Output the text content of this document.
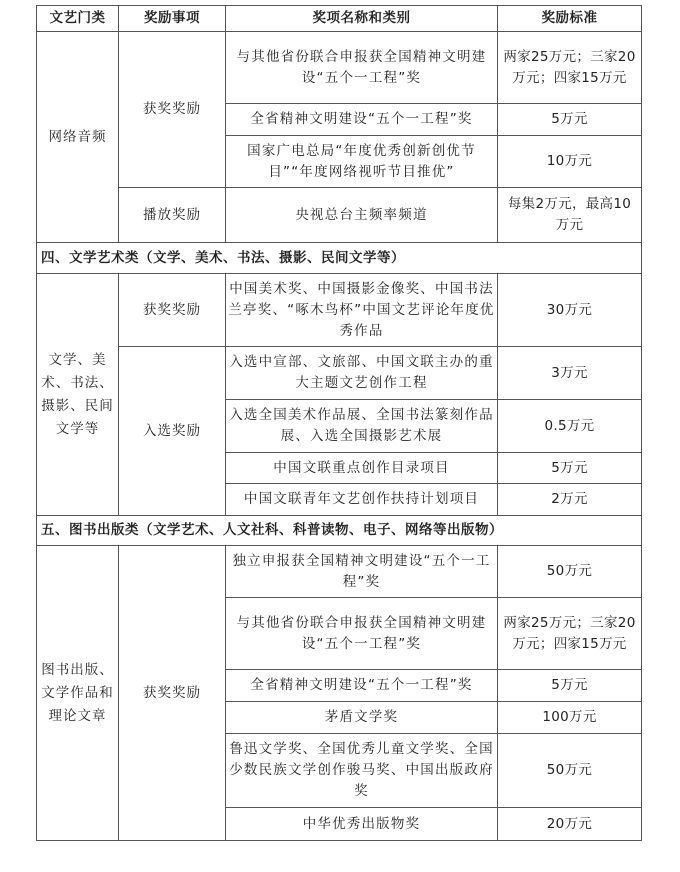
文艺门类	奖励事项	奖项名称和类别	奖励标准
网络音频	获奖奖励	与其他省份联合申报获全国精神文明建设“五个一工程”奖	两家25万元；三家20万元；四家15万元
		全省精神文明建设“五个一工程”奖	5万元
		国家广电总局“年度优秀创新创优节目”“年度网络视听节目推优”	10万元
	播放奖励	央视总台主频率频道	每集2万元，最高10万元
四、文学艺术类（文学、美术、书法、摄影、民间文学等）			
文学、美术、书法、摄影、民间文学等	获奖奖励	中国美术奖、中国摄影金像奖、中国书法兰亭奖、“啄木鸟杯”中国文艺评论年度优秀作品	30万元
	入选奖励	入选中宣部、文旅部、中国文联主办的重大主题文艺创作工程	3万元
		入选全国美术作品展、全国书法篆刻作品展、入选全国摄影艺术展	0.5万元
		中国文联重点创作目录项目	5万元
		中国文联青年文艺创作扶持计划项目	2万元
五、图书出版类（文学艺术、人文社科、科普读物、电子、网络等出版物）			
图书出版、文学作品和理论文章	获奖奖励	独立申报获全国精神文明建设“五个一工程”奖	50万元
		与其他省份联合申报获全国精神文明建设“五个一工程”奖	两家25万元；三家20万元；四家15万元
		全省精神文明建设“五个一工程”奖	5万元
		茅盾文学奖	100万元
		鲁迅文学奖、全国优秀儿童文学奖、全国少数民族文学创作骏马奖、中国出版政府奖	50万元
		中华优秀出版物奖	20万元
